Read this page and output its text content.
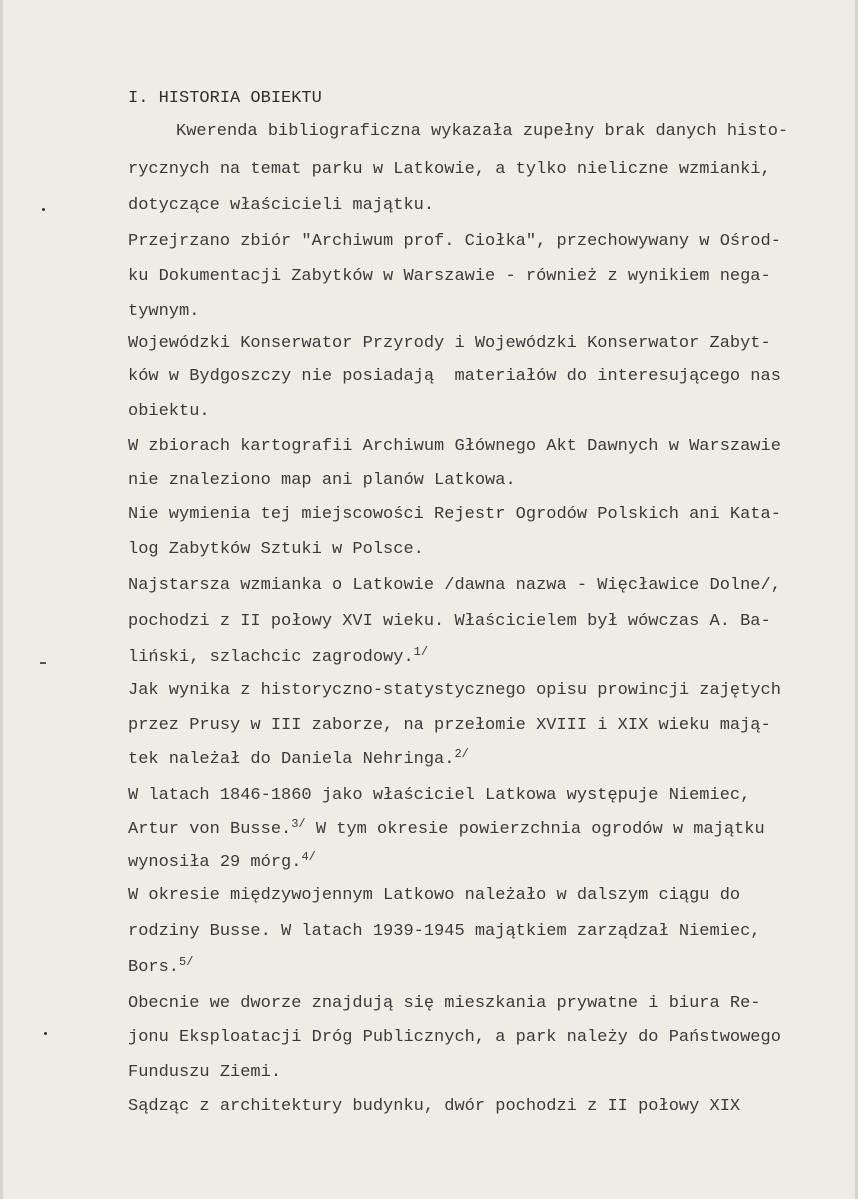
I. HISTORIA OBIEKTU
Kwerenda bibliograficzna wykazała zupełny brak danych histo-
rycznych na temat parku w Latkowie, a tylko nieliczne wzmianki,
dotyczące właścicieli majątku.
Przejrzano zbiór "Archiwum prof. Ciołka", przechowywany w Ośrod-
ku Dokumentacji Zabytków w Warszawie - również z wynikiem nega-
tywnym.
Wojewódzki Konserwator Przyrody i Wojewódzki Konserwator Zabyt-
ków w Bydgoszczy nie posiadają  materiałów do interesującego nas
obiektu.
W zbiorach kartografii Archiwum Głównego Akt Dawnych w Warszawie
nie znaleziono map ani planów Latkowa.
Nie wymienia tej miejscowości Rejestr Ogrodów Polskich ani Kata-
log Zabytków Sztuki w Polsce.
Najstarsza wzmianka o Latkowie /dawna nazwa - Więcławice Dolne/,
pochodzi z II połowy XVI wieku. Właścicielem był wówczas A. Ba-
liński, szlachcic zagrodowy.$^{1/}$
Jak wynika z historyczno-statystycznego opisu prowincji zajętych
przez Prusy w III zaborze, na przełomie XVIII i XIX wieku mają-
tek należał do Daniela Nehringa.$^{2/}$
W latach 1846-1860 jako właściciel Latkowa występuje Niemiec,
Artur von Busse.$^{3/}$ W tym okresie powierzchnia ogrodów w majątku
wynosiła 29 mórg.$^{4/}$
W okresie międzywojennym Latkowo należało w dalszym ciągu do
rodziny Busse. W latach 1939-1945 majątkiem zarządzał Niemiec,
Bors.$^{5/}$
Obecnie we dworze znajdują się mieszkania prywatne i biura Re-
jonu Eksploatacji Dróg Publicznych, a park należy do Państwowego
Funduszu Ziemi.
Sądząc z architektury budynku, dwór pochodzi z II połowy XIX
